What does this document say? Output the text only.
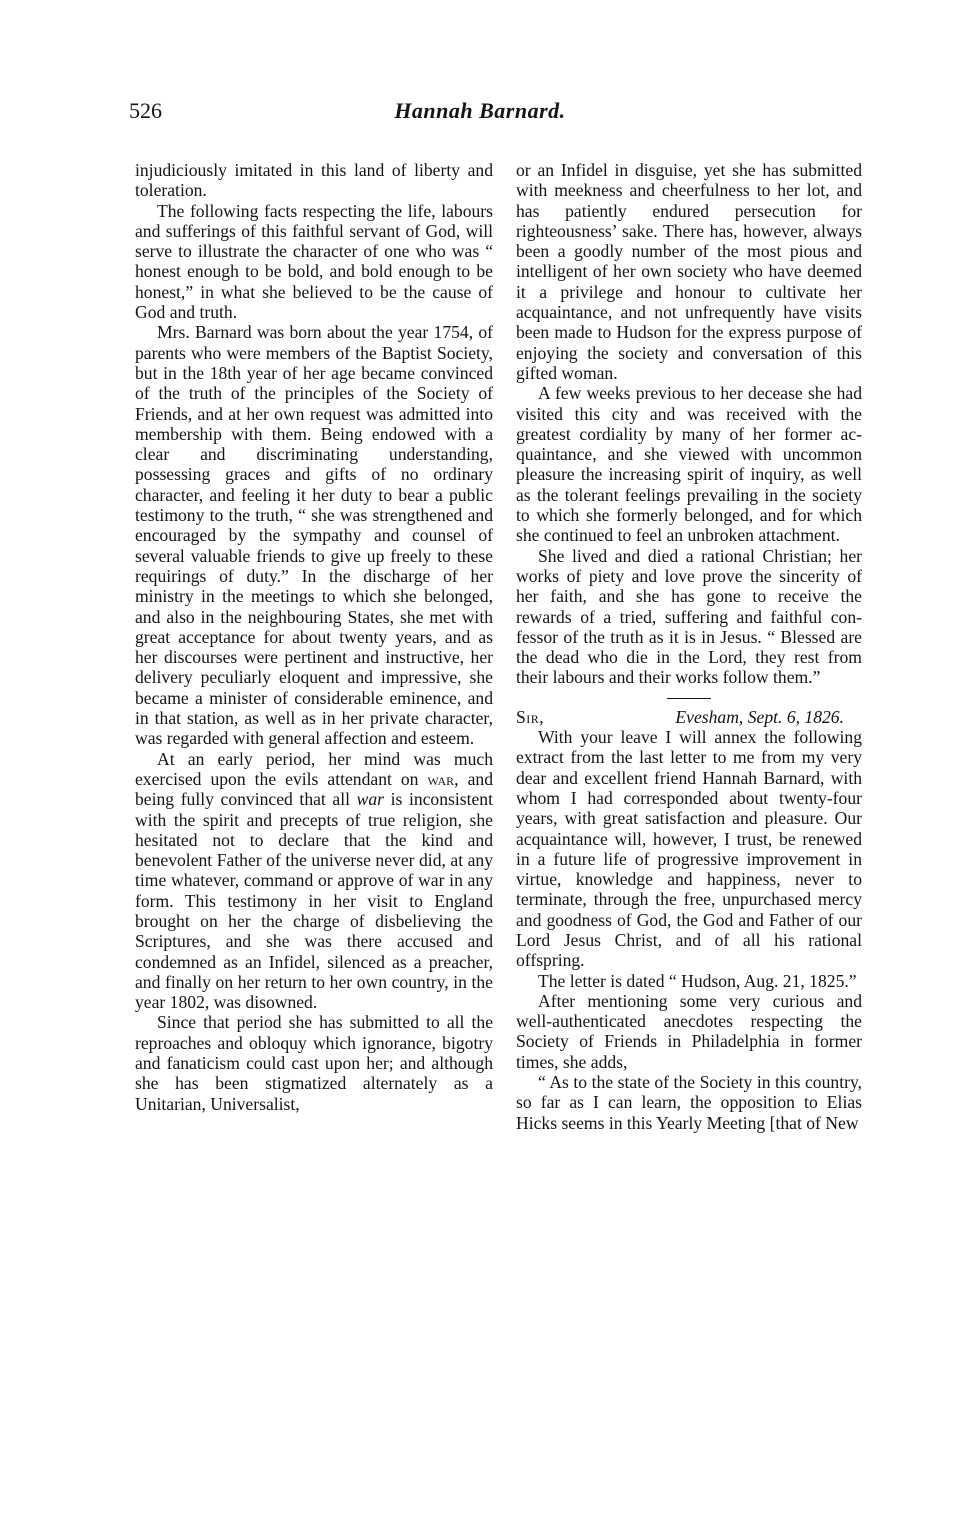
526	Hannah Barnard.

injudiciously imitated in this land of liberty and toleration.

The following facts respecting the life, labours and sufferings of this faithful servant of God, will serve to illustrate the character of one who was “ honest enough to be bold, and bold enough to be honest,” in what she believed to be the cause of God and truth.

Mrs. Barnard was born about the year 1754, of parents who were members of the Baptist Society, but in the 18th year of her age became convinced of the truth of the principles of the Society of Friends, and at her own request was admitted into membership with them. Being endowed with a clear and discriminating understanding, possessing graces and gifts of no ordinary character, and feeling it her duty to bear a public testimony to the truth, “ she was strengthened and encouraged by the sympathy and counsel of several valuable friends to give up freely to these requirings of duty.” In the discharge of her ministry in the meetings to which she belonged, and also in the neighbouring States, she met with great acceptance for about twenty years, and as her discourses were pertinent and instructive, her delivery peculiarly eloquent and impressive, she became a minister of considerable eminence, and in that station, as well as in her private character, was regarded with general affection and esteem.

At an early period, her mind was much exercised upon the evils attendant on war, and being fully convinced that all war is inconsistent with the spirit and precepts of true religion, she hesitated not to declare that the kind and benevolent Father of the universe never did, at any time whatever, command or approve of war in any form. This testimony in her visit to England brought on her the charge of disbelieving the Scriptures, and she was there accused and condemned as an Infidel, silenced as a preacher, and finally on her return to her own country, in the year 1802, was disowned.

Since that period she has submitted to all the reproaches and obloquy which ignorance, bigotry and fanaticism could cast upon her; and although she has been stigmatized alternately as a Unitarian, Universalist,

or an Infidel in disguise, yet she has submitted with meekness and cheerfulness to her lot, and has patiently endured persecution for righteousness’ sake. There has, however, always been a goodly number of the most pious and intelligent of her own society who have deemed it a privilege and honour to cultivate her acquaintance, and not unfrequently have visits been made to Hudson for the express purpose of enjoying the society and conversation of this gifted woman.

A few weeks previous to her decease she had visited this city and was received with the greatest cordiality by many of her former acquaintance, and she viewed with uncommon pleasure the increasing spirit of inquiry, as well as the tolerant feelings prevailing in the society to which she formerly belonged, and for which she continued to feel an unbroken attachment.

She lived and died a rational Christian; her works of piety and love prove the sincerity of her faith, and she has gone to receive the rewards of a tried, suffering and faithful confessor of the truth as it is in Jesus. “ Blessed are the dead who die in the Lord, they rest from their labours and their works follow them.”

Sir,	Evesham, Sept. 6, 1826.

With your leave I will annex the following extract from the last letter to me from my very dear and excellent friend Hannah Barnard, with whom I had corresponded about twenty-four years, with great satisfaction and pleasure. Our acquaintance will, however, I trust, be renewed in a future life of progressive improvement in virtue, knowledge and happiness, never to terminate, through the free, unpurchased mercy and goodness of God, the God and Father of our Lord Jesus Christ, and of all his rational offspring.

The letter is dated “ Hudson, Aug. 21, 1825.”

After mentioning some very curious and well-authenticated anecdotes respecting the Society of Friends in Philadelphia in former times, she adds,

“ As to the state of the Society in this country, so far as I can learn, the opposition to Elias Hicks seems in this Yearly Meeting [that of New
